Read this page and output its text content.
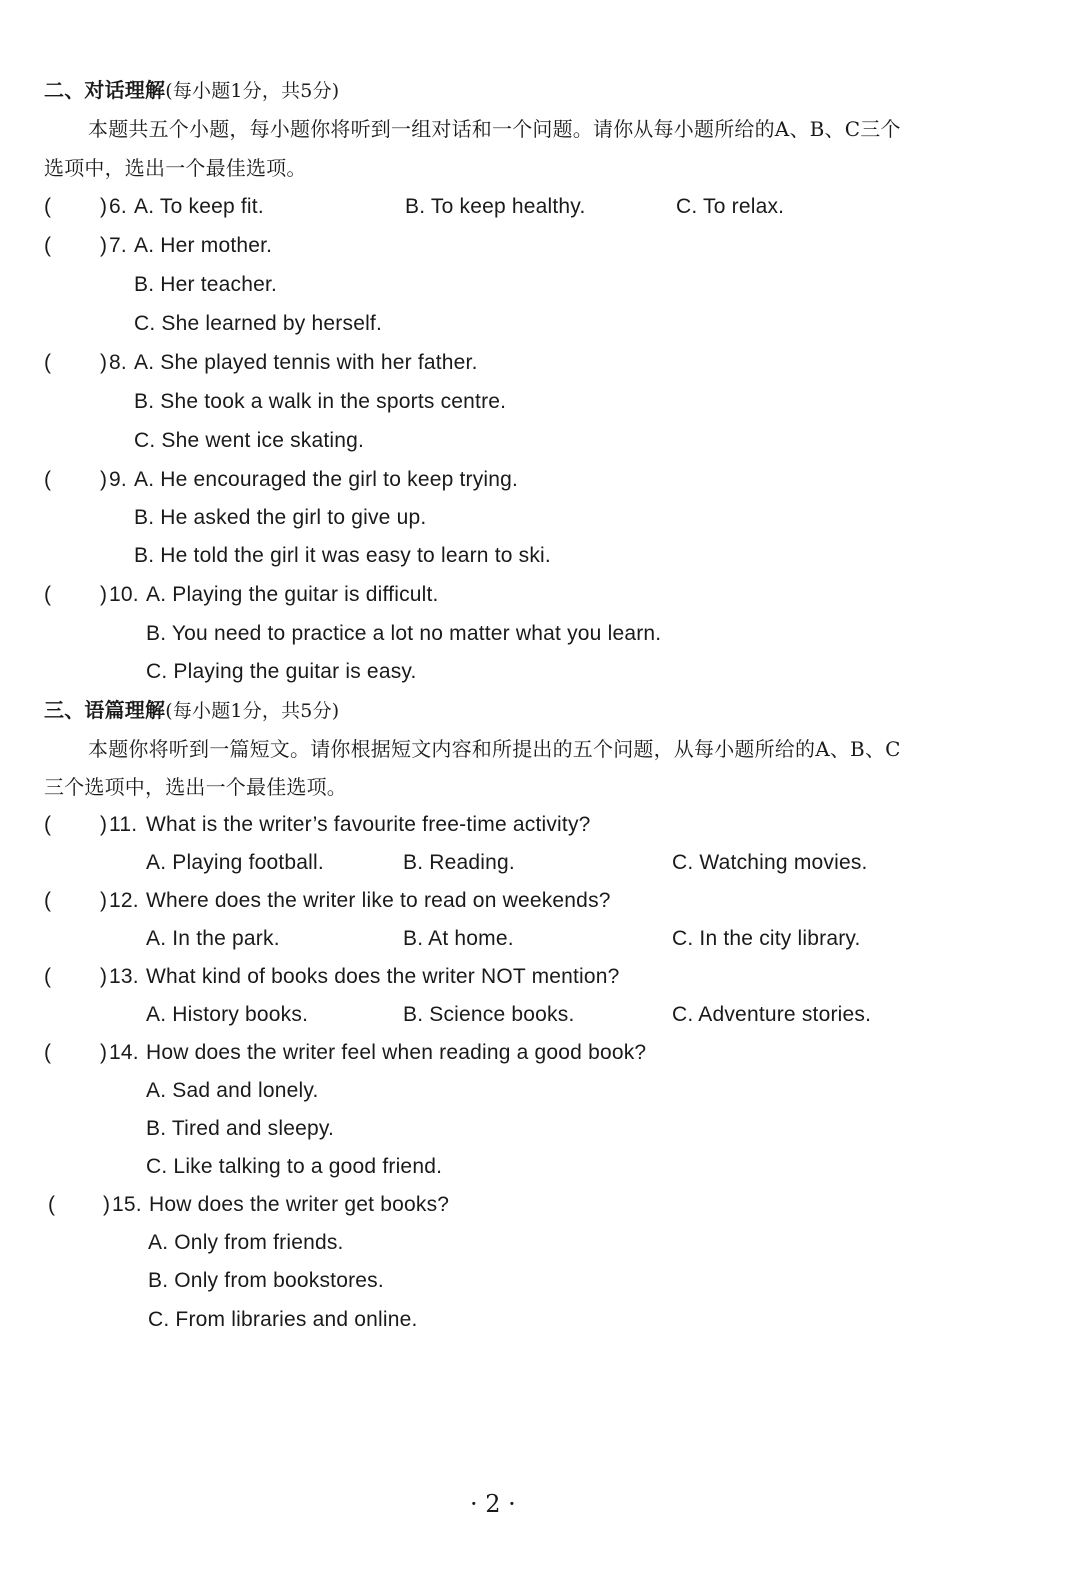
二、对话理解(每小题1分，共5分)
本题共五个小题，每小题你将听到一组对话和一个问题。请你从每小题所给的A、B、C三个
选项中，选出一个最佳选项。
( ) 6. A. To keep fit.	B. To keep healthy.	C. To relax.
( ) 7. A. Her mother.
B. Her teacher.
C. She learned by herself.
( ) 8. A. She played tennis with her father.
B. She took a walk in the sports centre.
C. She went ice skating.
( ) 9. A. He encouraged the girl to keep trying.
B. He asked the girl to give up.
B. He told the girl it was easy to learn to ski.
( ) 10. A. Playing the guitar is difficult.
B. You need to practice a lot no matter what you learn.
C. Playing the guitar is easy.
三、语篇理解(每小题1分，共5分)
本题你将听到一篇短文。请你根据短文内容和所提出的五个问题，从每小题所给的A、B、C
三个选项中，选出一个最佳选项。
( ) 11. What is the writer’s favourite free-time activity?
A. Playing football.	B. Reading.	C. Watching movies.
( ) 12. Where does the writer like to read on weekends?
A. In the park.	B. At home.	C. In the city library.
( ) 13. What kind of books does the writer NOT mention?
A. History books.	B. Science books.	C. Adventure stories.
( ) 14. How does the writer feel when reading a good book?
A. Sad and lonely.
B. Tired and sleepy.
C. Like talking to a good friend.
( ) 15. How does the writer get books?
A. Only from friends.
B. Only from bookstores.
C. From libraries and online.
· 2 ·
